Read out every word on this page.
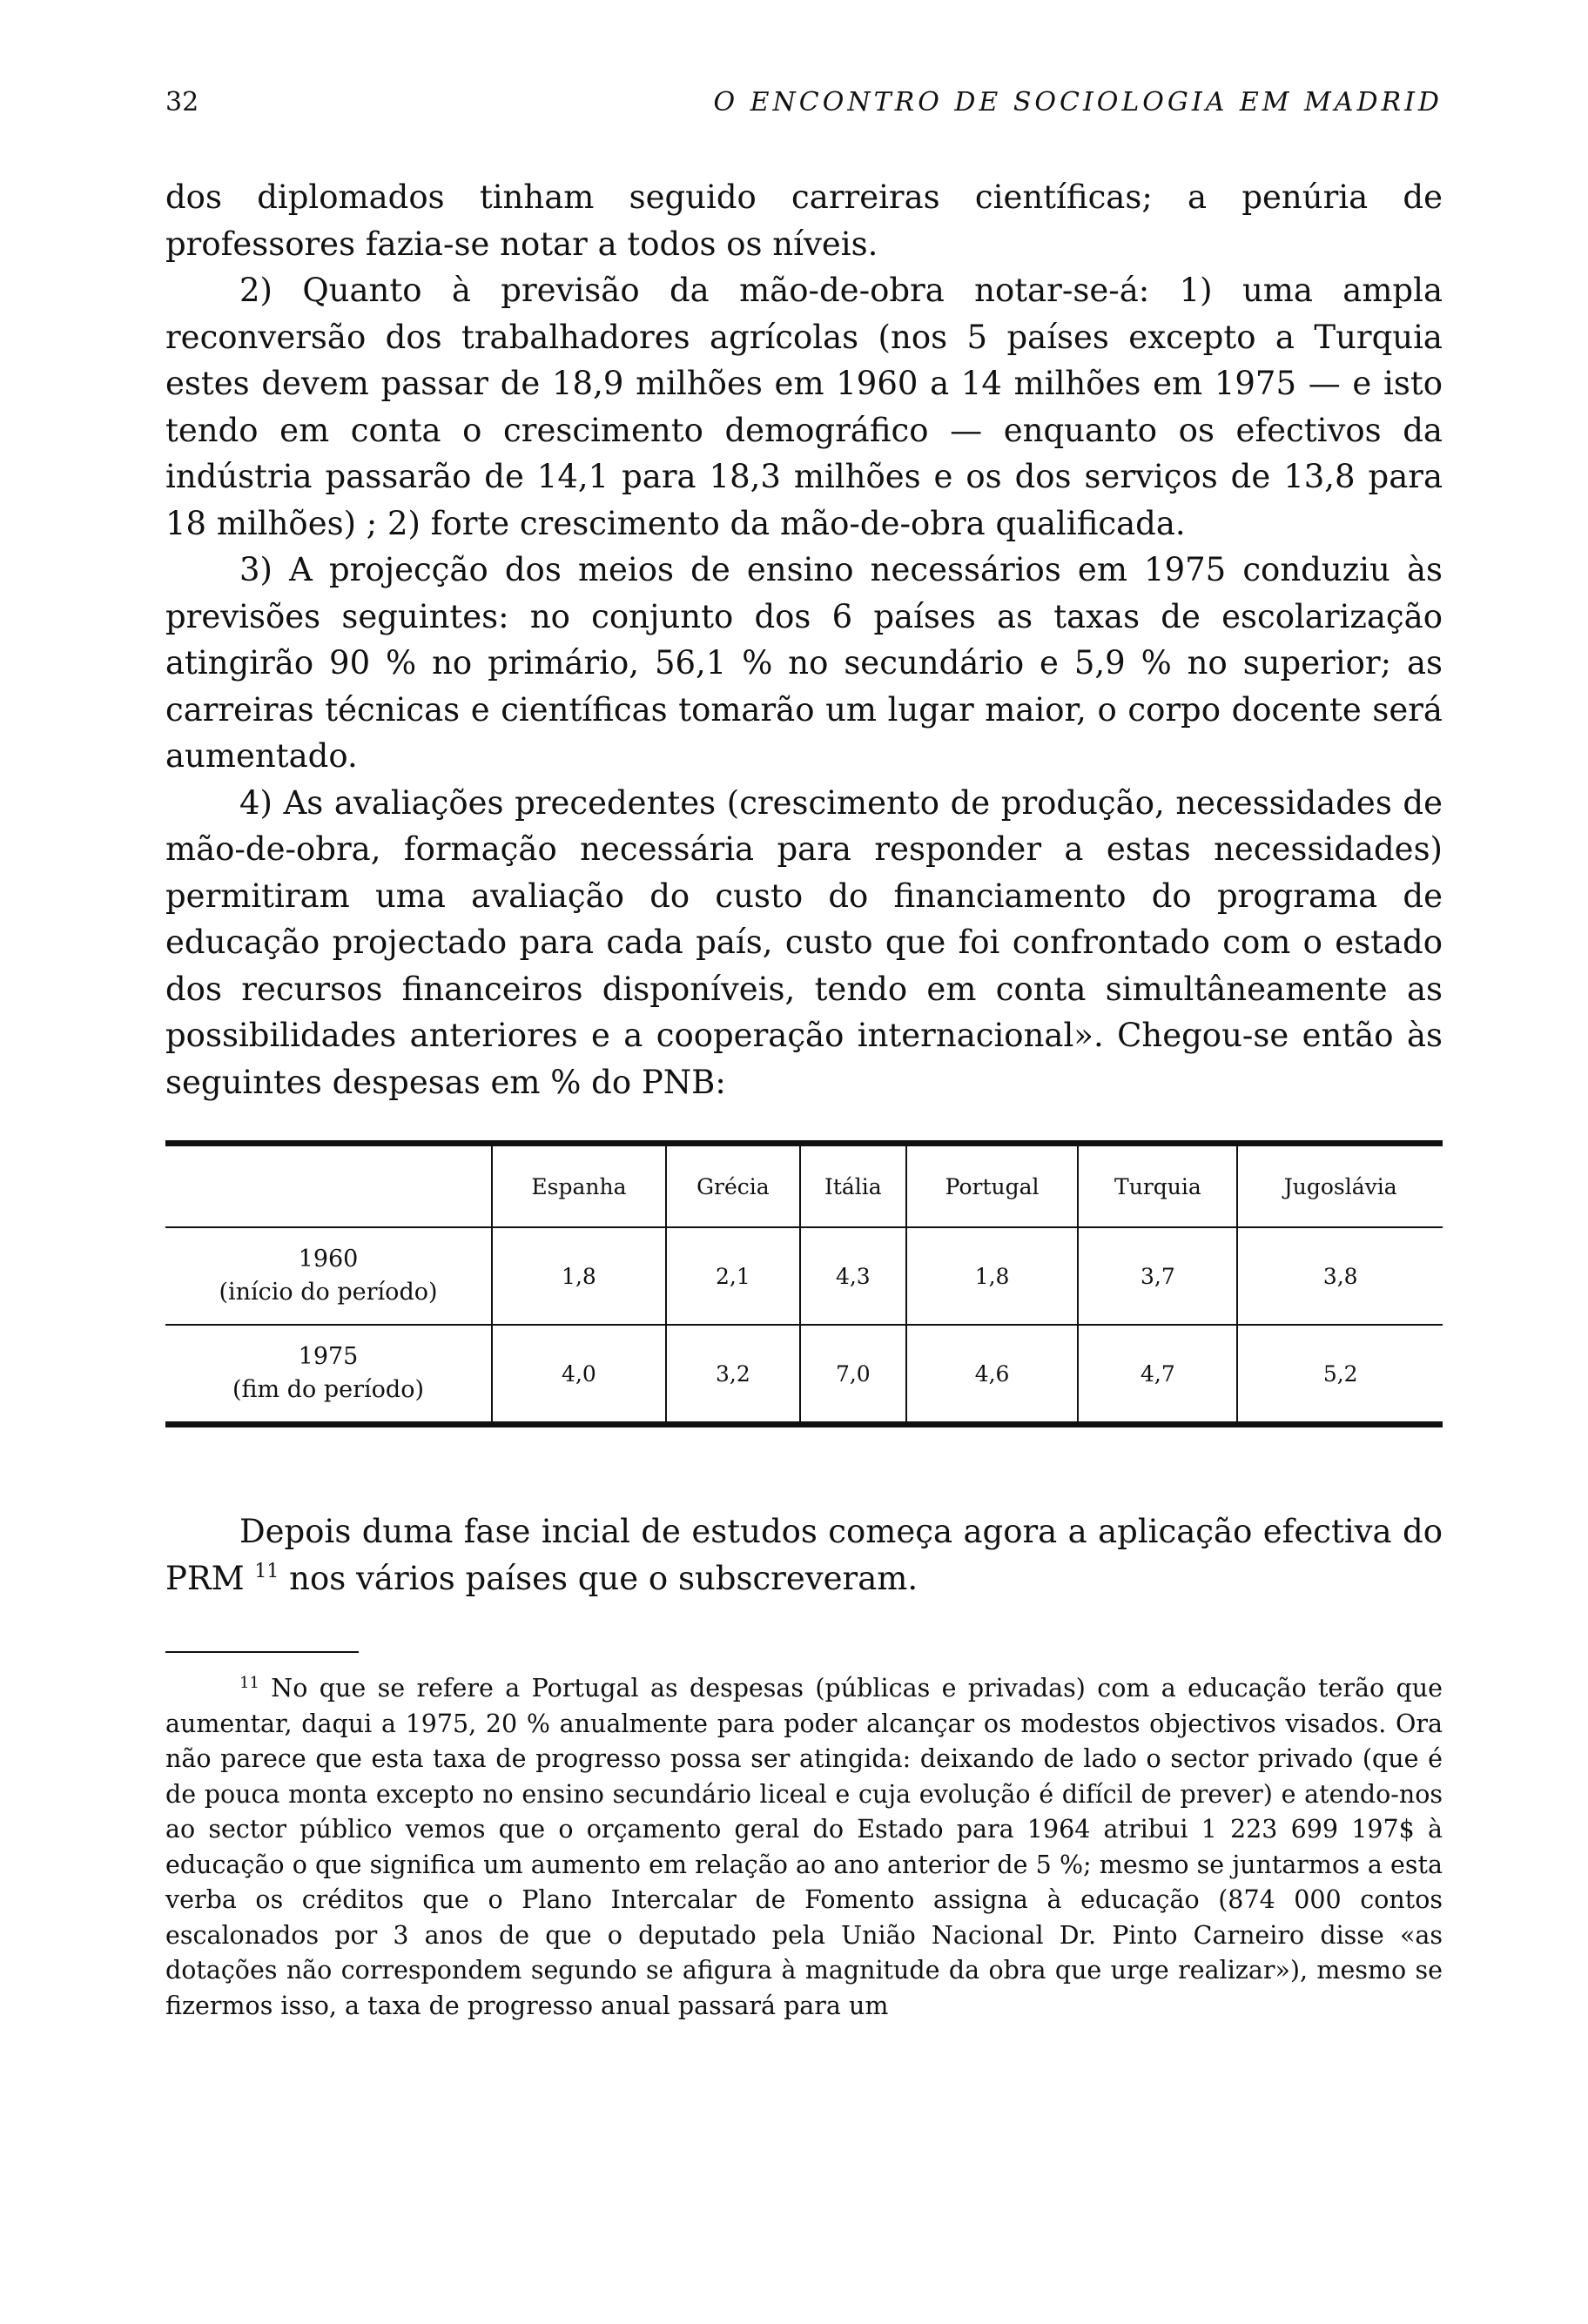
32	O ENCONTRO DE SOCIOLOGIA EM MADRID

dos diplomados tinham seguido carreiras científicas; a penúria de professores fazia-se notar a todos os níveis.

2) Quanto à previsão da mão-de-obra notar-se-á: 1) uma ampla reconversão dos trabalhadores agrícolas (nos 5 países excepto a Turquia estes devem passar de 18,9 milhões em 1960 a 14 milhões em 1975 — e isto tendo em conta o crescimento demográfico — enquanto os efectivos da indústria passarão de 14,1 para 18,3 milhões e os dos serviços de 13,8 para 18 milhões) ; 2) forte crescimento da mão-de-obra qualificada.

3) A projecção dos meios de ensino necessários em 1975 conduziu às previsões seguintes: no conjunto dos 6 países as taxas de escolarização atingirão 90 % no primário, 56,1 % no secundário e 5,9 % no superior; as carreiras técnicas e científicas tomarão um lugar maior, o corpo docente será aumentado.

4) As avaliações precedentes (crescimento de produção, necessidades de mão-de-obra, formação necessária para responder a estas necessidades) permitiram uma avaliação do custo do financiamento do programa de educação projectado para cada país, custo que foi confrontado com o estado dos recursos financeiros disponíveis, tendo em conta simultâneamente as possibilidades anteriores e a cooperação internacional». Chegou-se então às seguintes despesas em % do PNB:

	Espanha	Grécia	Itália	Portugal	Turquia	Jugoslávia

1960
(início do período)	1,8	2,1	4,3	1,8	3,7	3,8

1975
(fim do período)	4,0	3,2	7,0	4,6	4,7	5,2

Depois duma fase incial de estudos começa agora a aplicação efectiva do PRM $^{11}$ nos vários países que o subscreveram.

$^{11}$ No que se refere a Portugal as despesas (públicas e privadas) com a educação terão que aumentar, daqui a 1975, 20 % anualmente para poder alcançar os modestos objectivos visados. Ora não parece que esta taxa de progresso possa ser atingida: deixando de lado o sector privado (que é de pouca monta excepto no ensino secundário liceal e cuja evolução é difícil de prever) e atendo-nos ao sector público vemos que o orçamento geral do Estado para 1964 atribui 1 223 699 197$ à educação o que significa um aumento em relação ao ano anterior de 5 %; mesmo se juntarmos a esta verba os créditos que o Plano Intercalar de Fomento assigna à educação (874 000 contos escalonados por 3 anos de que o deputado pela União Nacional Dr. Pinto Carneiro disse «as dotações não correspondem segundo se afigura à magnitude da obra que urge realizar»), mesmo se fizermos isso, a taxa de progresso anual passará para um
